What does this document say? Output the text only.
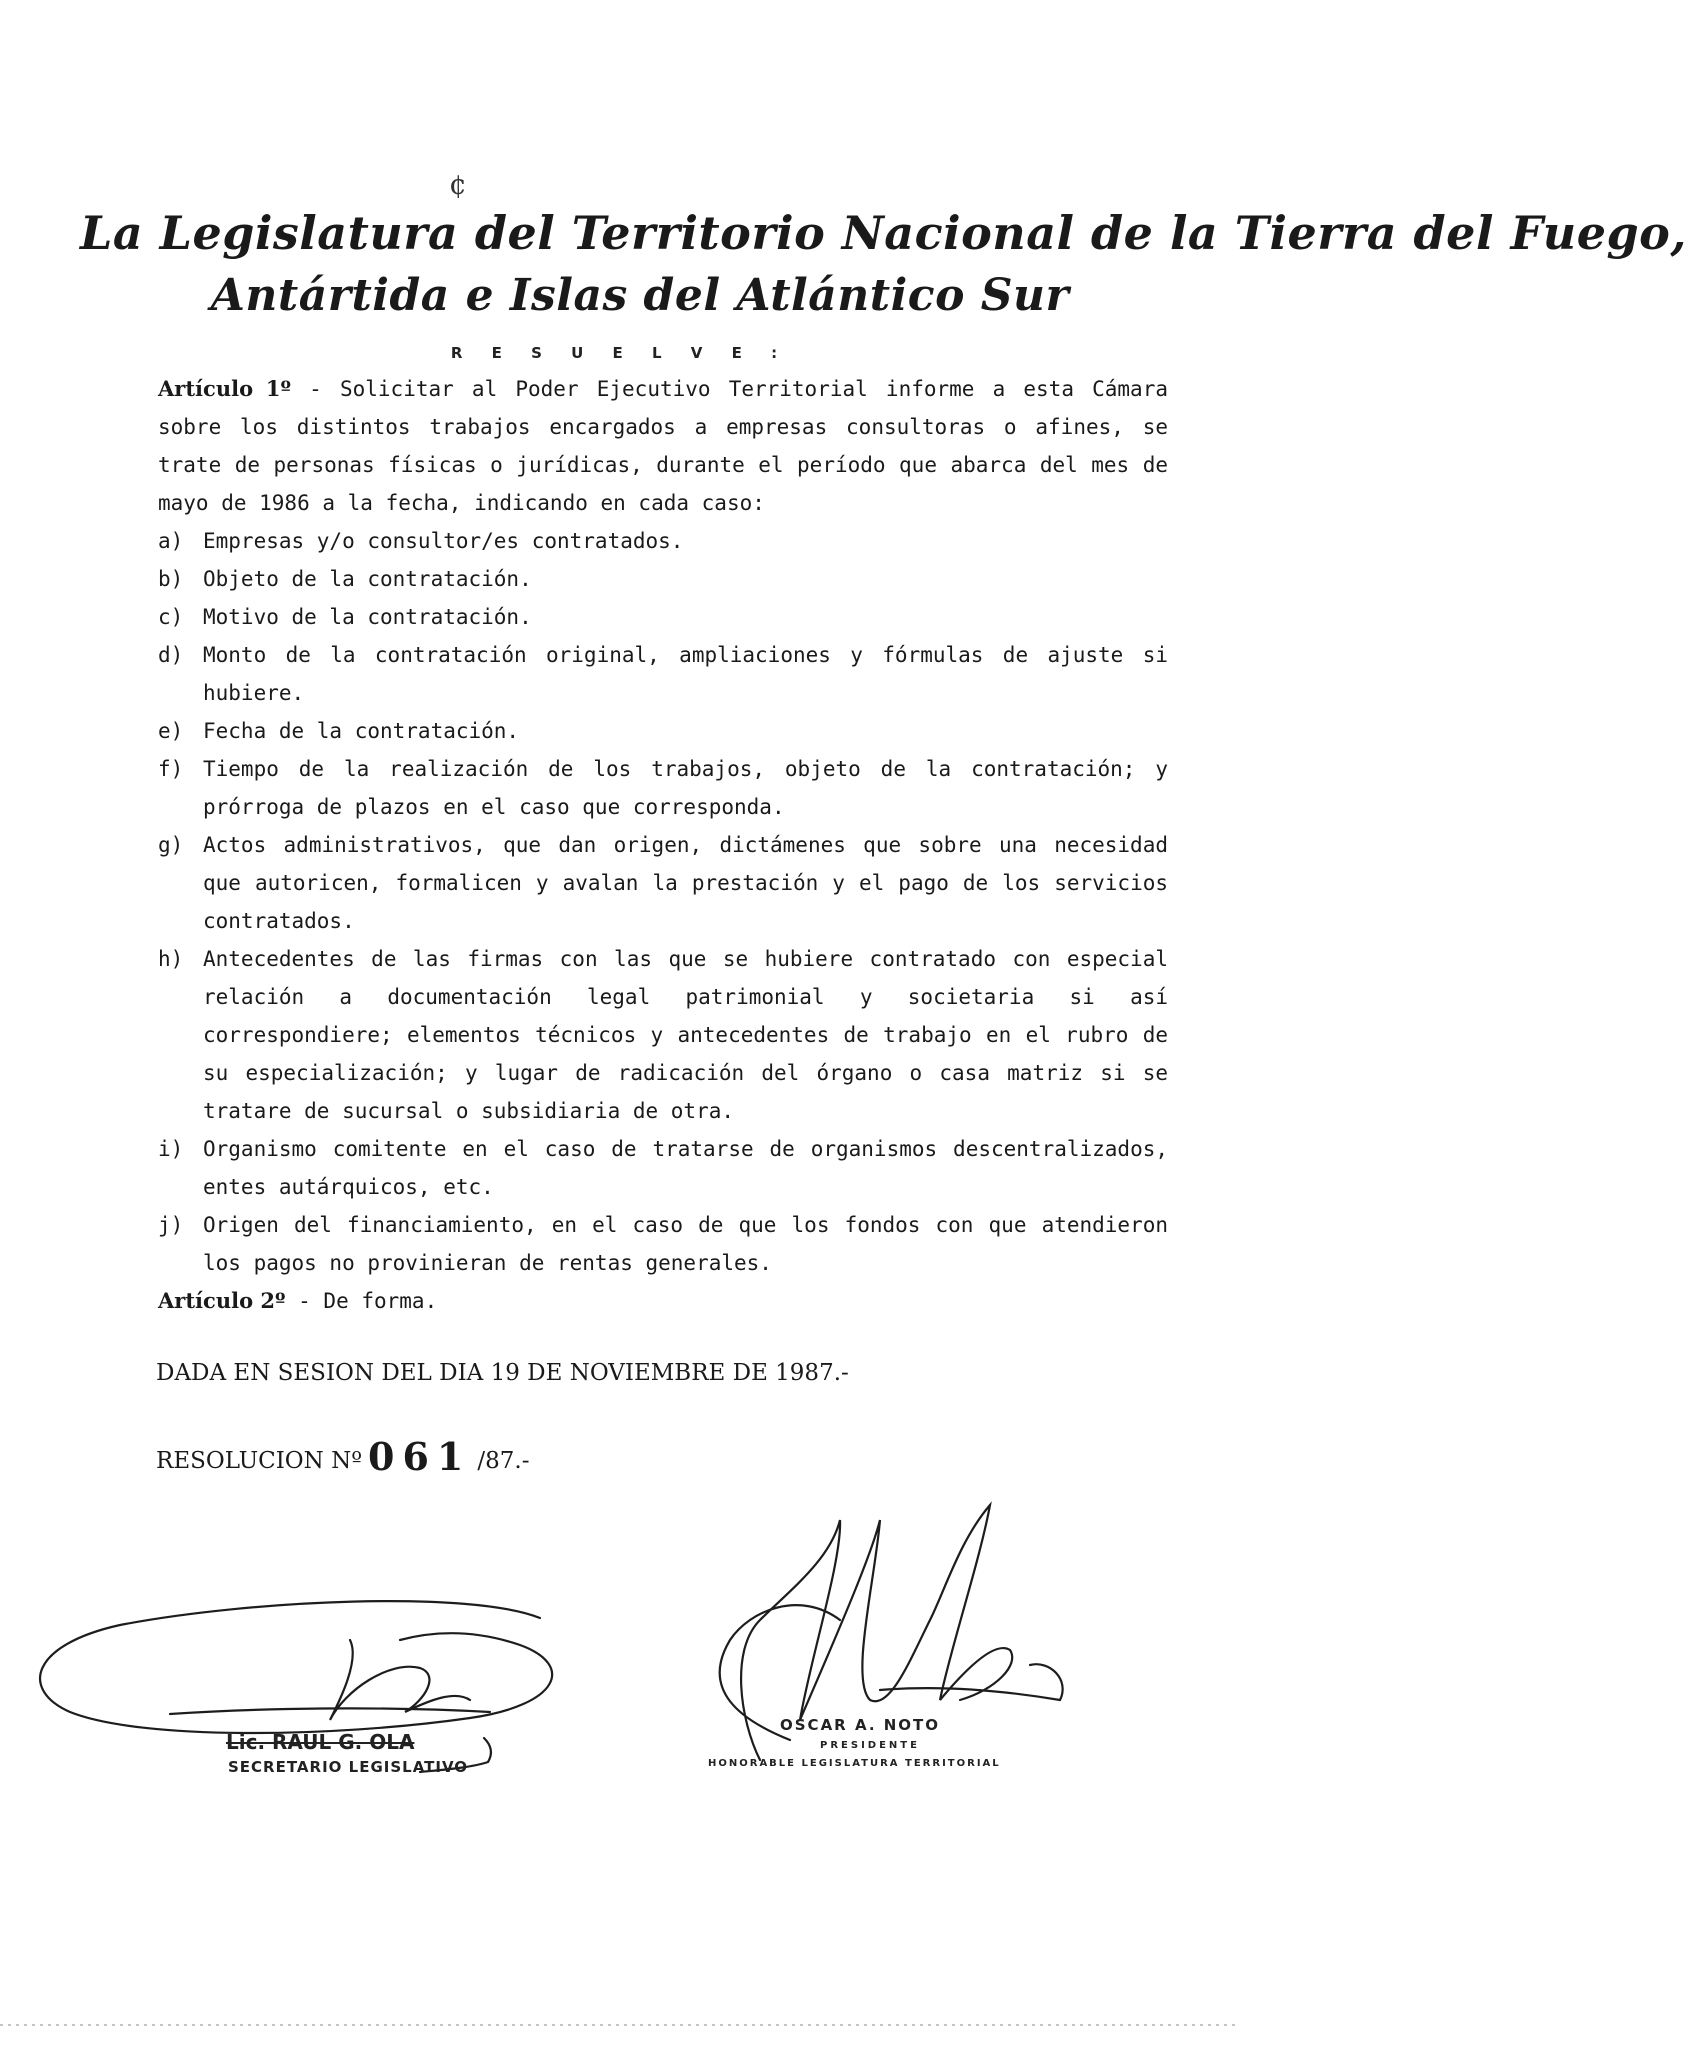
¢
La Legislatura del Territorio Nacional de la Tierra del Fuego,
Antártida e Islas del Atlántico Sur
R E S U E L V E :

Artículo 1º - Solicitar al Poder Ejecutivo Territorial informe a esta Cámara sobre los distintos trabajos encargados a empresas consultoras o afines, se trate de personas físicas o jurídicas, durante el período que abarca del mes de mayo de 1986 a la fecha, indicando en cada caso:

a) Empresas y/o consultor/es contratados.
b) Objeto de la contratación.
c) Motivo de la contratación.
d) Monto de la contratación original, ampliaciones y fórmulas de ajuste si hubiere.
e) Fecha de la contratación.
f) Tiempo de la realización de los trabajos, objeto de la contratación; y prórroga de plazos en el caso que corresponda.
g) Actos administrativos, que dan origen, dictámenes que sobre una necesidad que autoricen, formalicen y avalan la prestación y el pago de los servicios contratados.
h) Antecedentes de las firmas con las que se hubiere contratado con especial relación a documentación legal patrimonial y societaria si así correspondiere; elementos técnicos y antecedentes de trabajo en el rubro de su especialización; y lugar de radicación del órgano o casa matriz si se tratare de sucursal o subsidiaria de otra.
i) Organismo comitente en el caso de tratarse de organismos descentralizados, entes autárquicos, etc.
j) Origen del financiamiento, en el caso de que los fondos con que atendieron los pagos no provinieran de rentas generales.

Artículo 2º - De forma.

DADA EN SESION DEL DIA 19 DE NOVIEMBRE DE 1987.-
RESOLUCION Nº 061 /87.-
Lic. RAUL G. OLA
SECRETARIO LEGISLATIVO
OSCAR A. NOTO
PRESIDENTE
HONORABLE LEGISLATURA TERRITORIAL
